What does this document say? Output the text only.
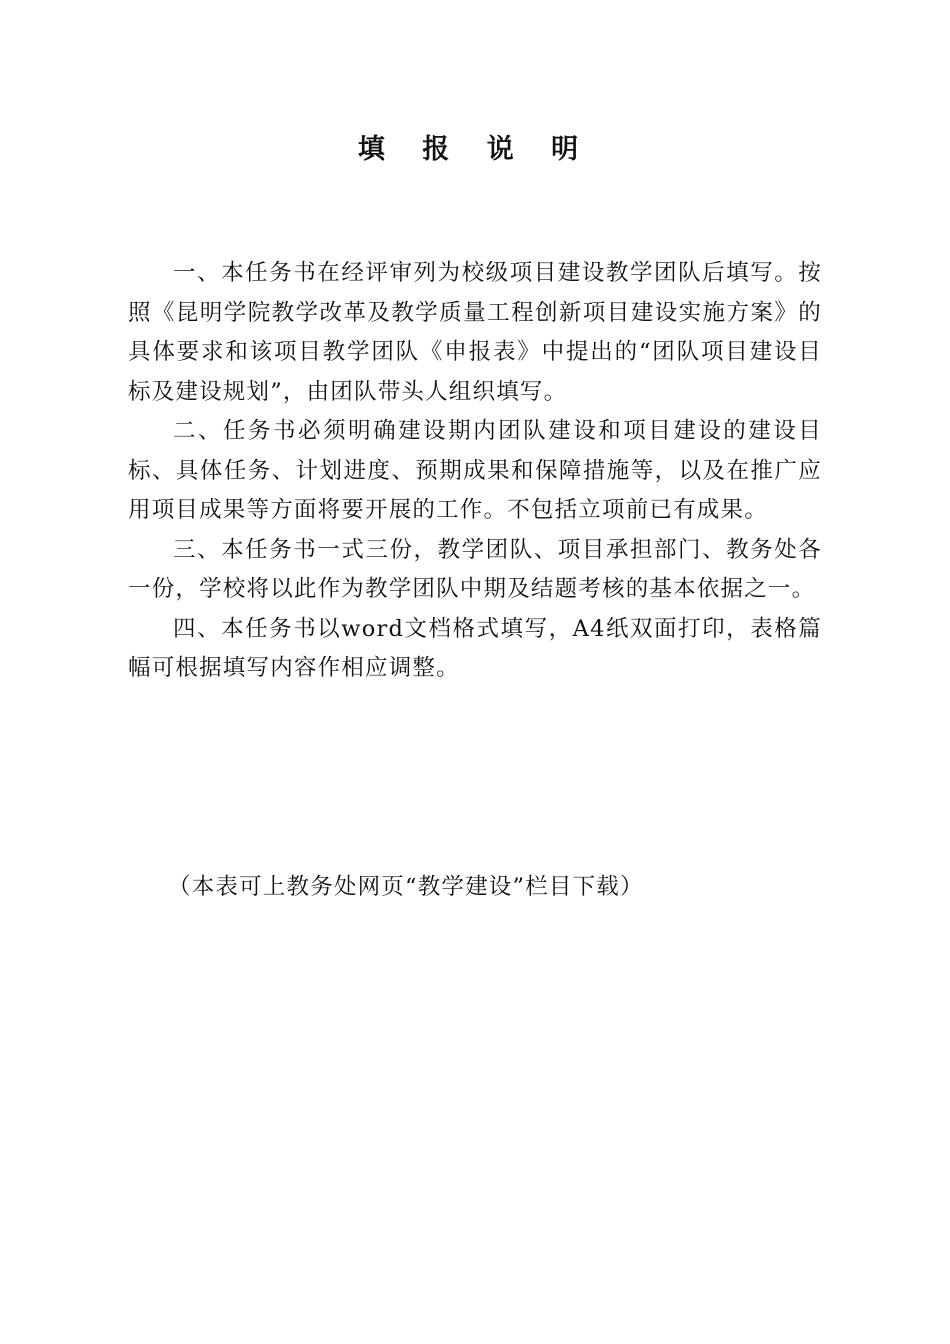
填 报 说 明

一、本任务书在经评审列为校级项目建设教学团队后填写。按照《昆明学院教学改革及教学质量工程创新项目建设实施方案》的具体要求和该项目教学团队《申报表》中提出的“团队项目建设目标及建设规划”，由团队带头人组织填写。

二、任务书必须明确建设期内团队建设和项目建设的建设目标、具体任务、计划进度、预期成果和保障措施等，以及在推广应用项目成果等方面将要开展的工作。不包括立项前已有成果。

三、本任务书一式三份，教学团队、项目承担部门、教务处各一份，学校将以此作为教学团队中期及结题考核的基本依据之一。

四、本任务书以word文档格式填写，A4纸双面打印，表格篇幅可根据填写内容作相应调整。

（本表可上教务处网页“教学建设”栏目下载）
